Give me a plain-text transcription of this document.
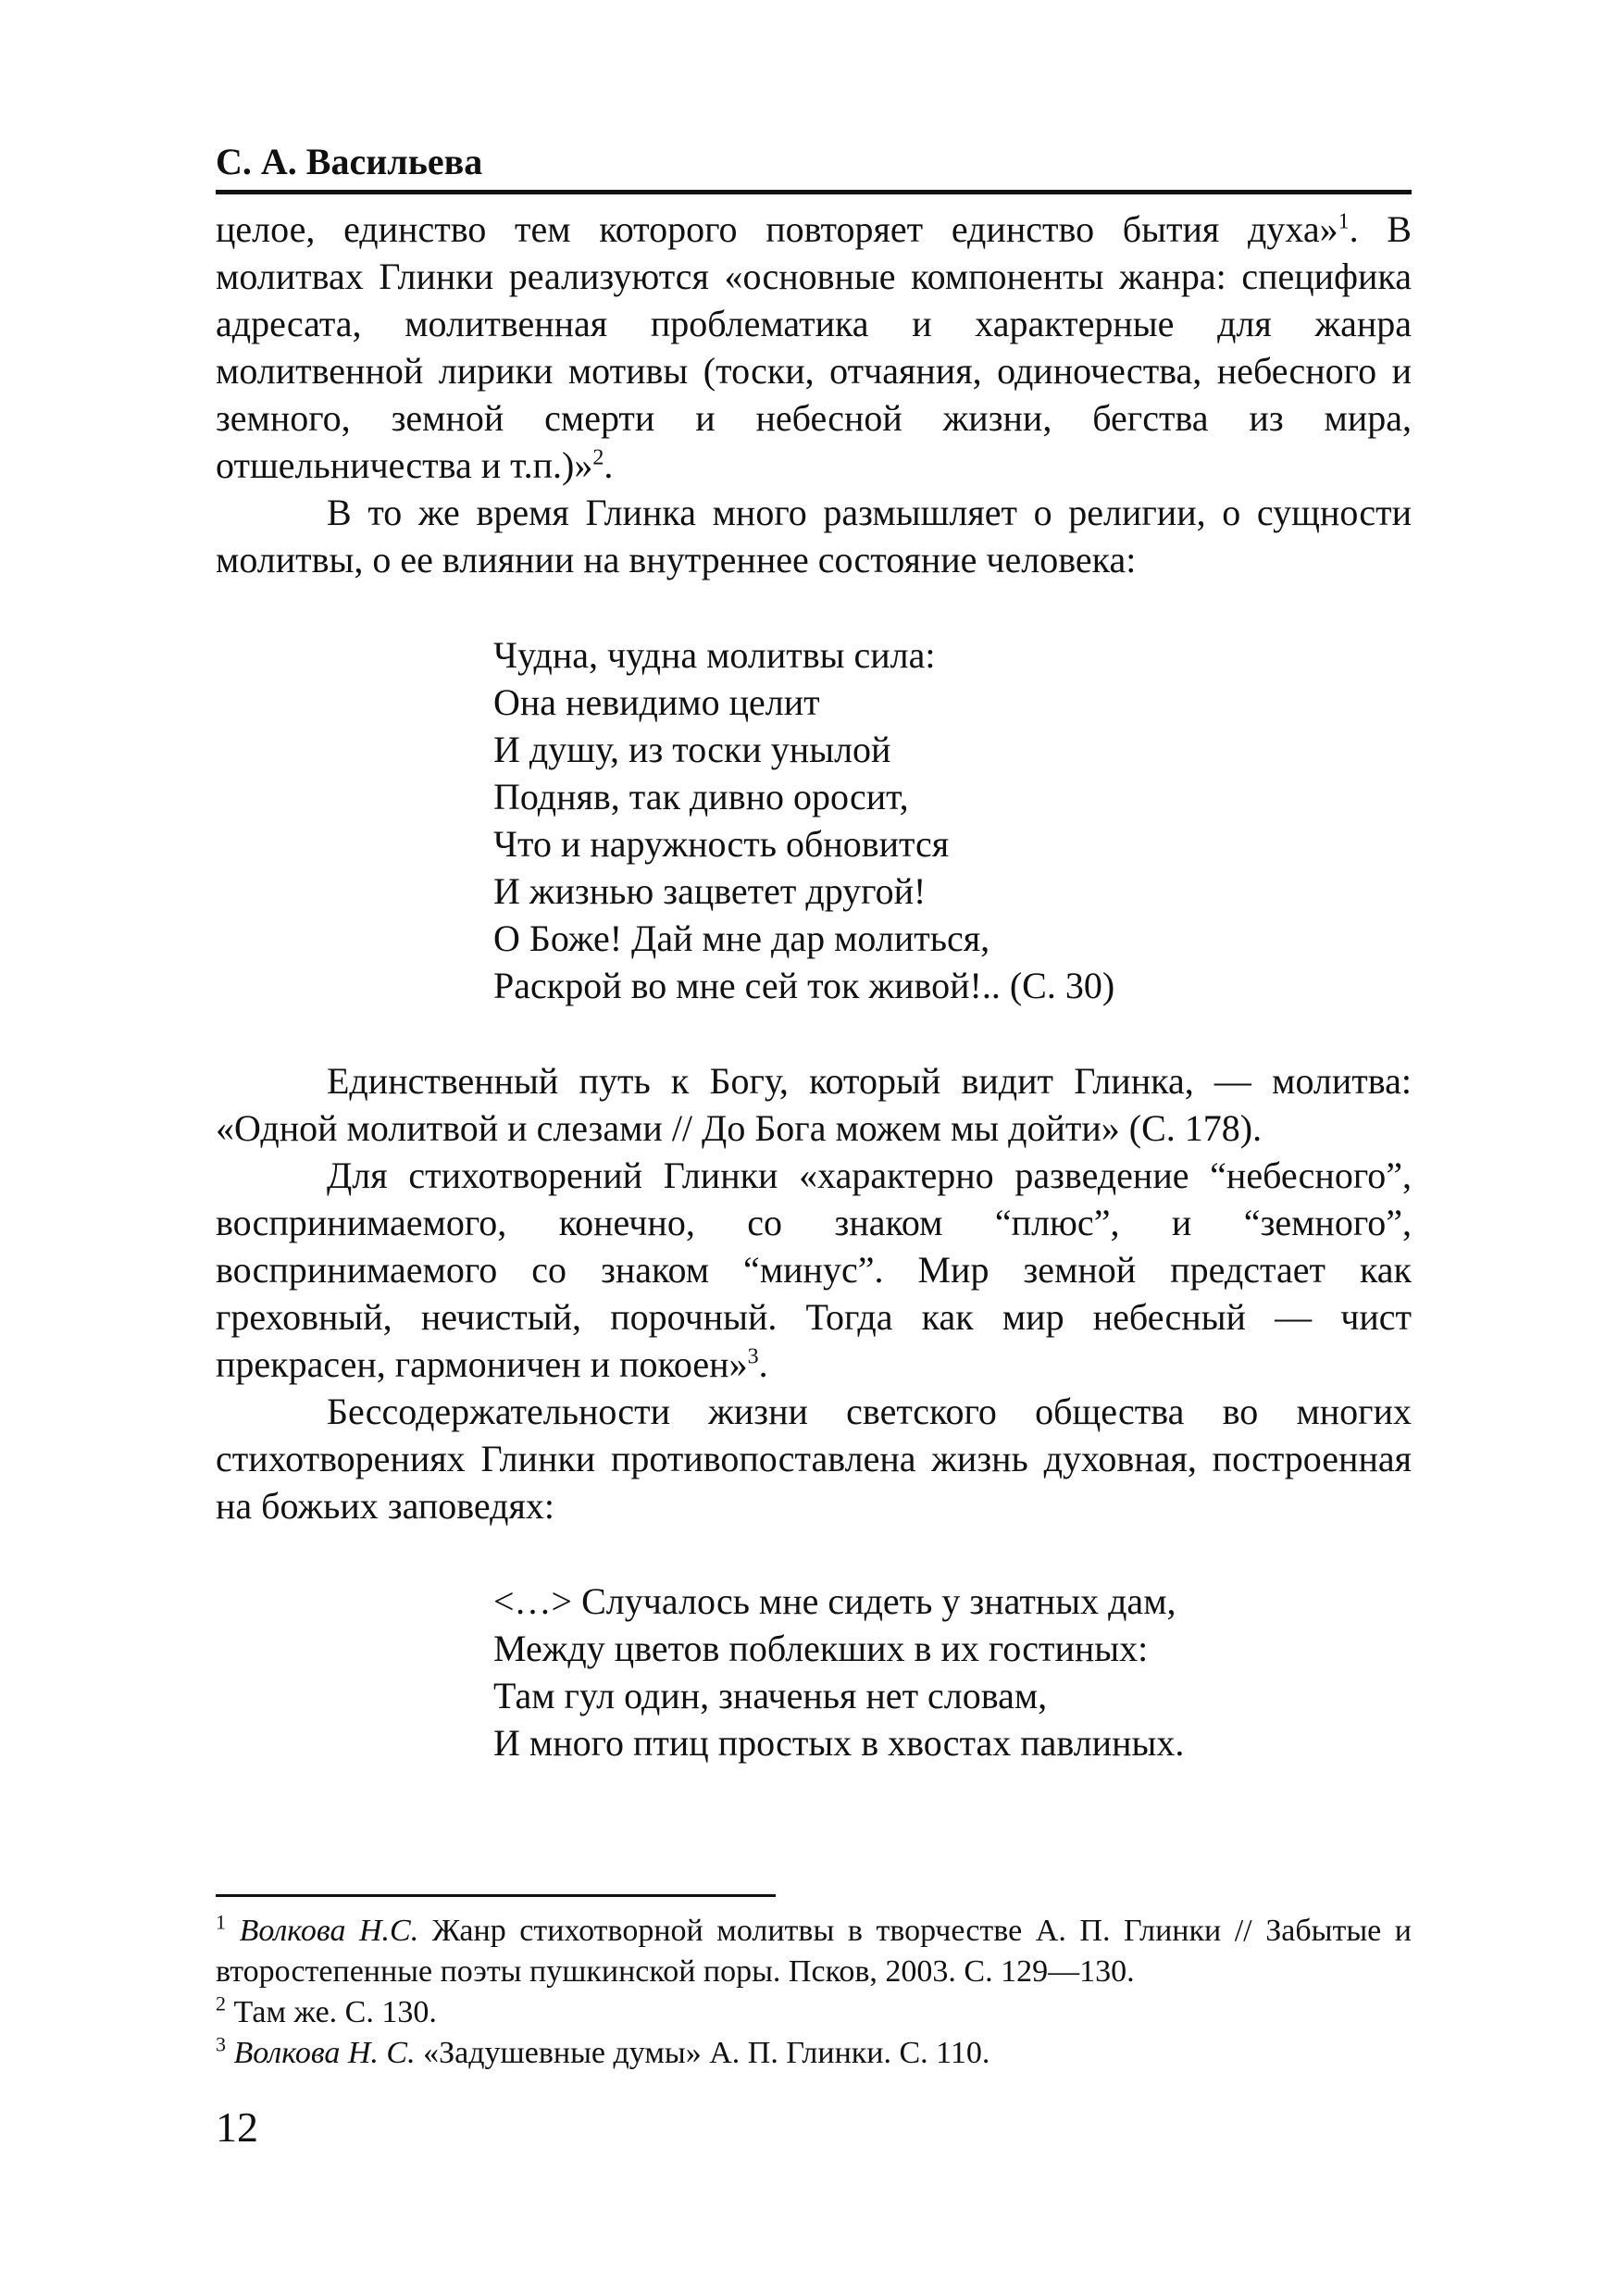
С. А. Васильева

целое, единство тем которого повторяет единство бытия духа»$^1$. В молитвах Глинки реализуются «основные компоненты жанра: специфика адресата, молитвенная проблематика и характерные для жанра молитвенной лирики мотивы (тоски, отчаяния, одиночества, небесного и земного, земной смерти и небесной жизни, бегства из мира, отшельничества и т.п.)»$^2$.

В то же время Глинка много размышляет о религии, о сущности молитвы, о ее влиянии на внутреннее состояние человека:

Чудна, чудна молитвы сила:
Она невидимо целит
И душу, из тоски унылой
Подняв, так дивно оросит,
Что и наружность обновится
И жизнью зацветет другой!
О Боже! Дай мне дар молиться,
Раскрой во мне сей ток живой!.. (С. 30)

Единственный путь к Богу, который видит Глинка, — молитва: «Одной молитвой и слезами // До Бога можем мы дойти» (С. 178).

Для стихотворений Глинки «характерно разведение “небесного”, воспринимаемого, конечно, со знаком “плюс”, и “земного”, воспринимаемого со знаком “минус”. Мир земной предстает как греховный, нечистый, порочный. Тогда как мир небесный — чист прекрасен, гармоничен и покоен»$^3$.

Бессодержательности жизни светского общества во многих стихотворениях Глинки противопоставлена жизнь духовная, построенная на божьих заповедях:

<…> Случалось мне сидеть у знатных дам,
Между цветов поблекших в их гостиных:
Там гул один, значенья нет словам,
И много птиц простых в хвостах павлиных.

$^1$ Волкова Н.С. Жанр стихотворной молитвы в творчестве А. П. Глинки // Забытые и второстепенные поэты пушкинской поры. Псков, 2003. С. 129—130.

$^2$ Там же. С. 130.

$^3$ Волкова Н. С. «Задушевные думы» А. П. Глинки. С. 110.

12
